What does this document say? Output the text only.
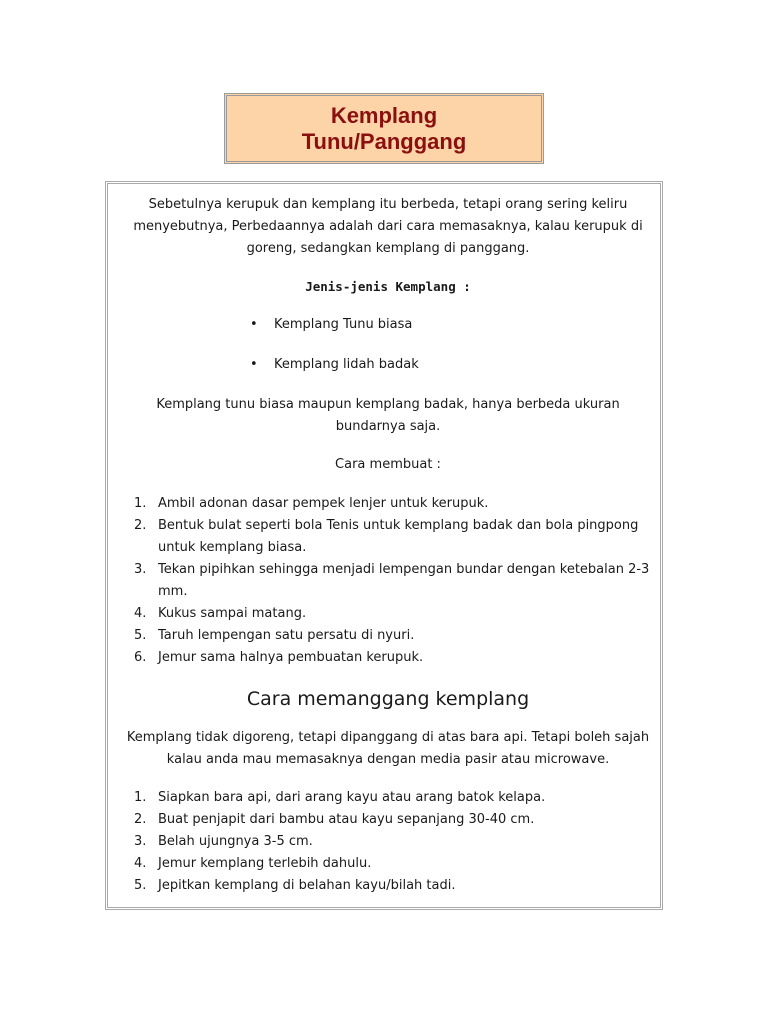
Kemplang
Tunu/Panggang

Sebetulnya kerupuk dan kemplang itu berbeda, tetapi orang sering keliru menyebutnya, Perbedaannya adalah dari cara memasaknya, kalau kerupuk di goreng, sedangkan kemplang di panggang.

Jenis-jenis Kemplang :

• Kemplang Tunu biasa
• Kemplang lidah badak

Kemplang tunu biasa maupun kemplang badak, hanya berbeda ukuran bundarnya saja.

Cara membuat :

1. Ambil adonan dasar pempek lenjer untuk kerupuk.
2. Bentuk bulat seperti bola Tenis untuk kemplang badak dan bola pingpong untuk kemplang biasa.
3. Tekan pipihkan sehingga menjadi lempengan bundar dengan ketebalan 2-3 mm.
4. Kukus sampai matang.
5. Taruh lempengan satu persatu di nyuri.
6. Jemur sama halnya pembuatan kerupuk.

Cara memanggang kemplang

Kemplang tidak digoreng, tetapi dipanggang di atas bara api. Tetapi boleh sajah kalau anda mau memasaknya dengan media pasir atau microwave.

1. Siapkan bara api, dari arang kayu atau arang batok kelapa.
2. Buat penjapit dari bambu atau kayu sepanjang 30-40 cm.
3. Belah ujungnya 3-5 cm.
4. Jemur kemplang terlebih dahulu.
5. Jepitkan kemplang di belahan kayu/bilah tadi.
